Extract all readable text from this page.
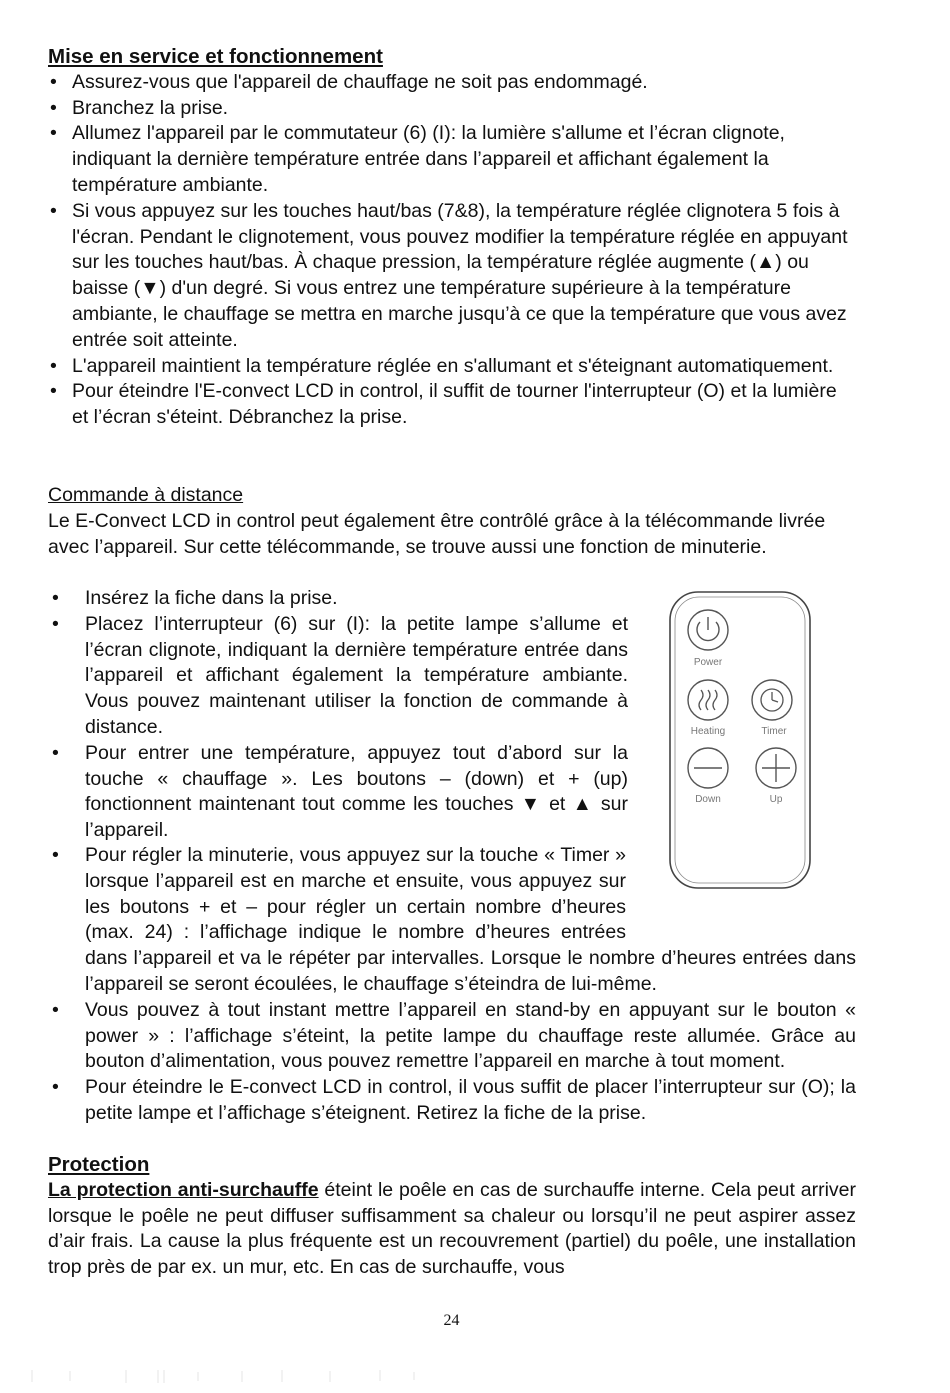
Mise en service et fonctionnement
• Assurez-vous que l'appareil de chauffage ne soit pas endommagé.
• Branchez la prise.
• Allumez l'appareil par le commutateur (6) (I): la lumière s'allume et l’écran clignote, indiquant la dernière température entrée dans l’appareil et affichant également la température ambiante.
• Si vous appuyez sur les touches haut/bas (7&8), la température réglée clignotera 5 fois à l'écran. Pendant le clignotement, vous pouvez modifier la température réglée en appuyant sur les touches haut/bas. À chaque pression, la température réglée augmente (▲) ou baisse (▼) d'un degré. Si vous entrez une température supérieure à la température ambiante, le chauffage se mettra en marche jusqu’à ce que la température que vous avez entrée soit atteinte.
• L'appareil maintient la température réglée en s'allumant et s'éteignant automatiquement.
• Pour éteindre l'E-convect LCD in control, il suffit de tourner l'interrupteur (O) et la lumière et l’écran s'éteint. Débranchez la prise.
Commande à distance
Le E-Convect LCD in control peut également être contrôlé grâce à la télécommande livrée avec l’appareil. Sur cette télécommande, se trouve aussi une fonction de minuterie.
• Insérez la fiche dans la prise.
• Placez l’interrupteur (6) sur (I): la petite lampe s’allume et l’écran clignote, indiquant la dernière température entrée dans l’appareil et affichant également la température ambiante. Vous pouvez maintenant utiliser la fonction de commande à distance.
• Pour entrer une température, appuyez tout d’abord sur la touche « chauffage ». Les boutons – (down) et + (up) fonctionnent maintenant tout comme les touches ▼ et ▲ sur l’appareil.
• Pour régler la minuterie, vous appuyez sur la touche « Timer » lorsque l’appareil est en marche et ensuite, vous appuyez sur les boutons + et – pour régler un certain nombre d’heures (max. 24) : l’affichage indique le nombre d’heures entrées dans l’appareil et va le répéter par intervalles. Lorsque le nombre d’heures entrées dans l’appareil se seront écoulées, le chauffage s’éteindra de lui-même.
• Vous pouvez à tout instant mettre l’appareil en stand-by en appuyant sur le bouton « power » : l’affichage s’éteint, la petite lampe du chauffage reste allumée. Grâce au bouton d’alimentation, vous pouvez remettre l’appareil en marche à tout moment.
• Pour éteindre le E-convect LCD in control, il vous suffit de placer l’interrupteur sur (O); la petite lampe et l’affichage s’éteignent. Retirez la fiche de la prise.
Power
Heating	Timer
Down	Up
Protection
La protection anti-surchauffe éteint le poêle en cas de surchauffe interne. Cela peut arriver lorsque le poêle ne peut diffuser suffisamment sa chaleur ou lorsqu’il ne peut aspirer assez d’air frais. La cause la plus fréquente est un recouvrement (partiel) du poêle, une installation trop près de par ex. un mur, etc. En cas de surchauffe, vous
24
